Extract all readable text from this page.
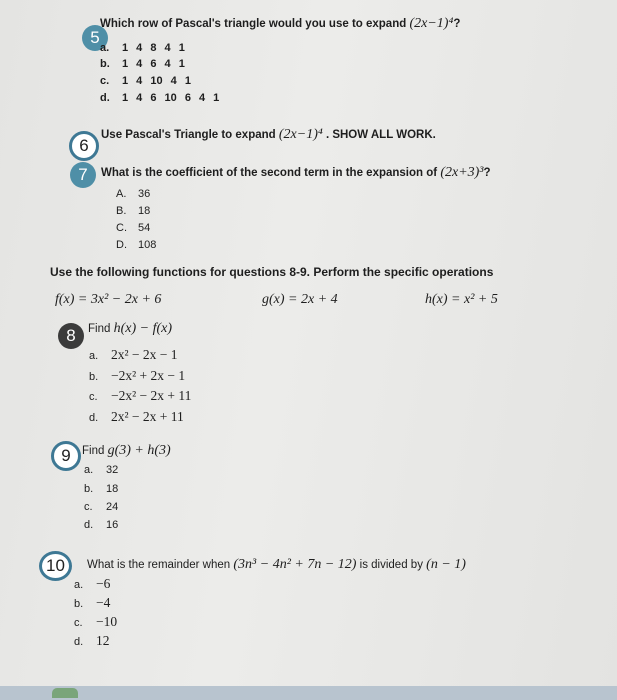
5
Which row of Pascal's triangle would you use to expand (2x−1)⁴?
a. 1 4 8 4 1
b. 1 4 6 4 1
c. 1 4 10 4 1
d. 1 4 6 10 6 4 1
6
Use Pascal's Triangle to expand (2x−1)⁴ . SHOW ALL WORK.
7	What is the coefficient of the second term in the expansion of (2x+3)³?
A. 36
B. 18
C. 54
D. 108
Use the following functions for questions 8-9. Perform the specific operations
f(x) = 3x² − 2x + 6	g(x) = 2x + 4	h(x) = x² + 5
8	Find h(x) − f(x)
a. 2x² − 2x − 1
b. −2x² + 2x − 1
c. −2x² − 2x + 11
d. 2x² − 2x + 11
9 Find g(3) + h(3)
a. 32
b. 18
c. 24
d. 16
10	What is the remainder when (3n³ − 4n² + 7n − 12) is divided by (n − 1)
a. −6
b. −4
c. −10
d. 12
